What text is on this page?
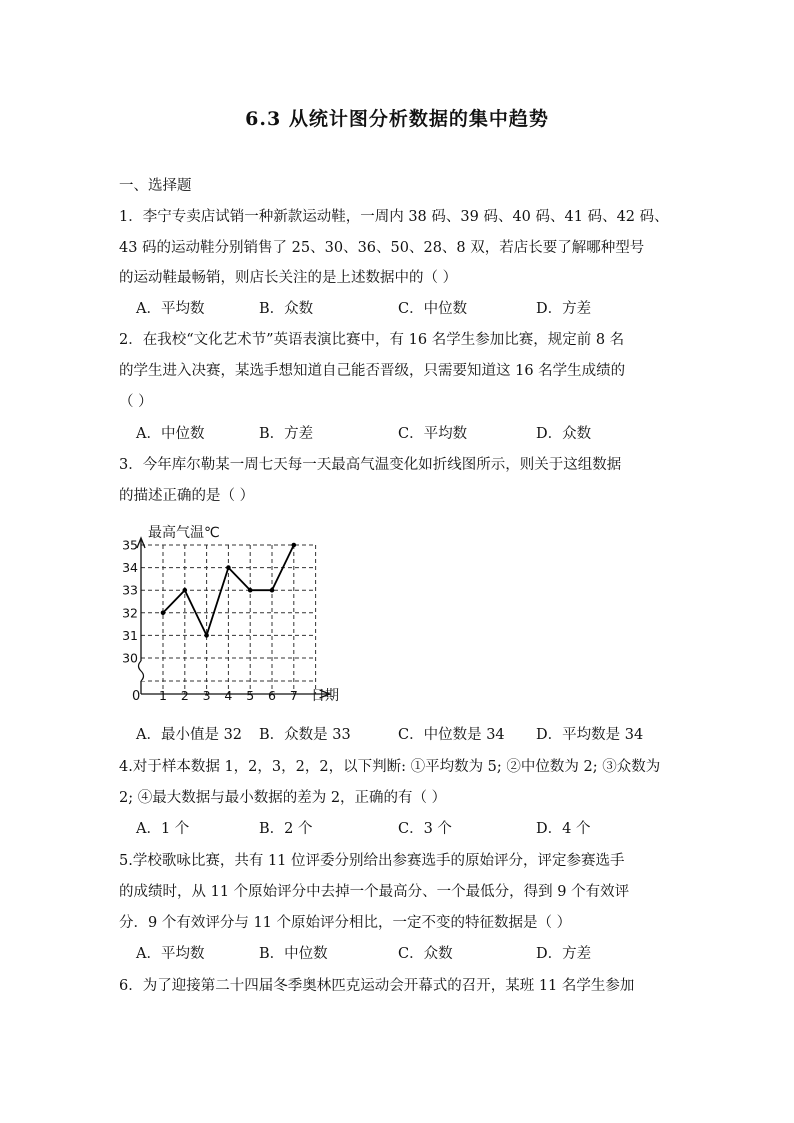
6.3 从统计图分析数据的集中趋势
一、选择题
1．李宁专卖店试销一种新款运动鞋，一周内 38 码、39 码、40 码、41 码、42 码、
43 码的运动鞋分别销售了 25、30、36、50、28、8 双，若店长要了解哪种型号
的运动鞋最畅销，则店长关注的是上述数据中的（ ）
A．平均数	B．众数	C．中位数	D．方差
2．在我校“文化艺术节”英语表演比赛中，有 16 名学生参加比赛，规定前 8 名
的学生进入决赛，某选手想知道自己能否晋级，只需要知道这 16 名学生成绩的
（ ）
A．中位数	B．方差	C．平均数	D．众数
3．今年库尔勒某一周七天每一天最高气温变化如折线图所示，则关于这组数据
的描述正确的是（ ）
30
31
32
33
34
35
1 2 3 4 5 6 7
最高气温℃
日期
0
A．最小值是 32 B．众数是 33	C．中位数是 34 D．平均数是 34
4.对于样本数据 1，2，3，2，2，以下判断: ①平均数为 5; ②中位数为 2; ③众数为
2; ④最大数据与最小数据的差为 2，正确的有（ ）
A．1 个	B．2 个	C．3 个	D．4 个
5.学校歌咏比赛，共有 11 位评委分别给出参赛选手的原始评分，评定参赛选手
的成绩时，从 11 个原始评分中去掉一个最高分、一个最低分，得到 9 个有效评
分．9 个有效评分与 11 个原始评分相比，一定不变的特征数据是（ ）
A．平均数	B．中位数	C．众数	D．方差
6．为了迎接第二十四届冬季奥林匹克运动会开幕式的召开，某班 11 名学生参加
